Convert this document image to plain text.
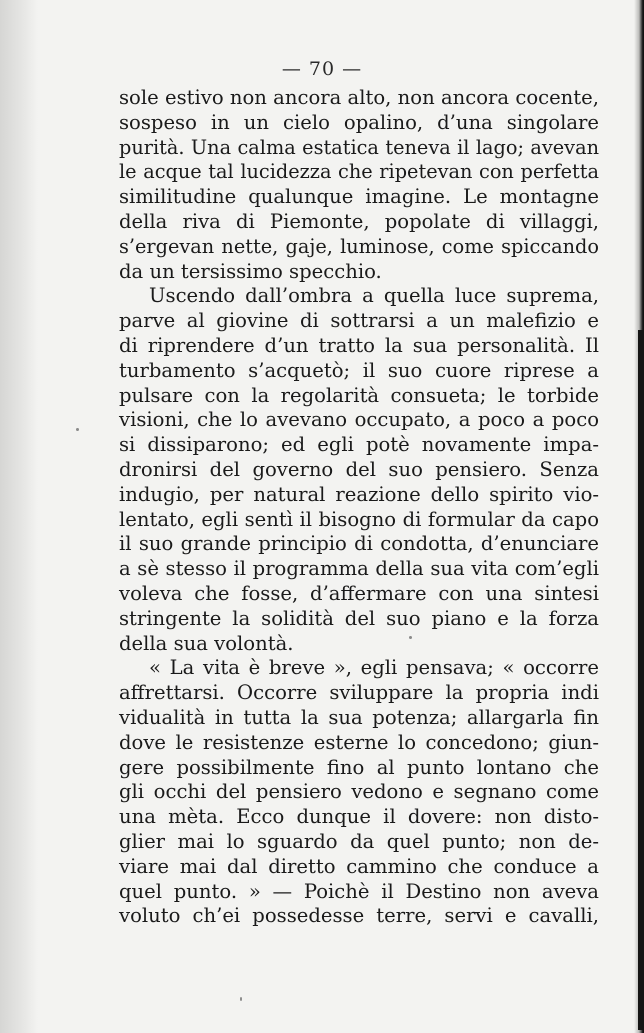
— 70 —
sole estivo non ancora alto, non ancora cocente,
sospeso in un cielo opalino, d’una singolare
purità. Una calma estatica teneva il lago; avevan
le acque tal lucidezza che ripetevan con perfetta
similitudine qualunque imagine. Le montagne
della riva di Piemonte, popolate di villaggi,
s’ergevan nette, gaje, luminose, come spiccando
da un tersissimo specchio.
Uscendo dall’ombra a quella luce suprema,
parve al giovine di sottrarsi a un malefizio e
di riprendere d’un tratto la sua personalità. Il
turbamento s’acquetò; il suo cuore riprese a
pulsare con la regolarità consueta; le torbide
visioni, che lo avevano occupato, a poco a poco
si dissiparono; ed egli potè novamente impa-
dronirsi del governo del suo pensiero. Senza
indugio, per natural reazione dello spirito vio-
lentato, egli sentì il bisogno di formular da capo
il suo grande principio di condotta, d’enunciare
a sè stesso il programma della sua vita com’egli
voleva che fosse, d’affermare con una sintesi
stringente la solidità del suo piano e la forza
della sua volontà.
« La vita è breve », egli pensava; « occorre
affrettarsi. Occorre sviluppare la propria indi
vidualità in tutta la sua potenza; allargarla fin
dove le resistenze esterne lo concedono; giun-
gere possibilmente fino al punto lontano che
gli occhi del pensiero vedono e segnano come
una mèta. Ecco dunque il dovere: non disto-
glier mai lo sguardo da quel punto; non de-
viare mai dal diretto cammino che conduce a
quel punto. » — Poichè il Destino non aveva
voluto ch’ei possedesse terre, servi e cavalli,
